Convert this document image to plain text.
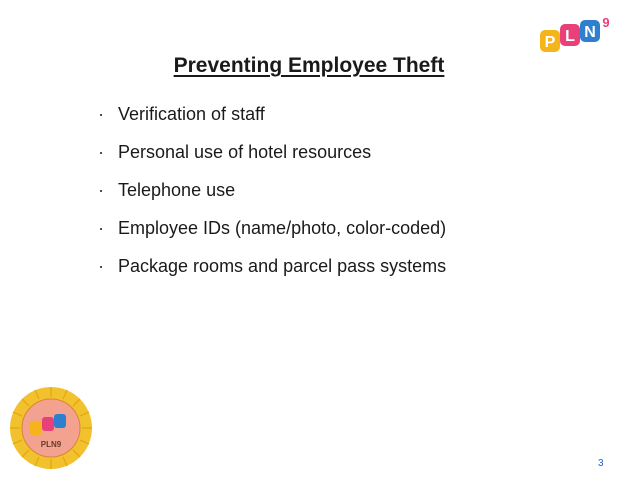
P L N
9
Preventing Employee Theft
· Verification of staff
· Personal use of hotel resources
· Telephone use
· Employee IDs (name/photo, color-coded)
· Package rooms and parcel pass systems
PLN9
3
